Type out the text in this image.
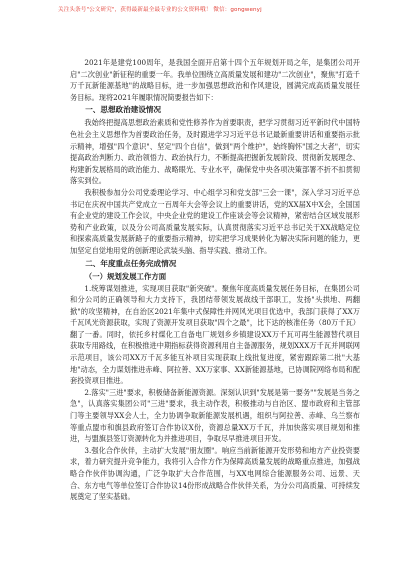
关注头条号"公文研究"，获得最新最全最专业的公文资料哦！ 微信：gongwenyj

2021年是建党100周年，是我国全面开启第十四个五年规划开局之年，是集团公司开启"二次创业"新征程的重要一年。我单位围绕立高质量发展和建功"二次创业"，聚焦"打造千万千瓦新能源基地"的战略目标，进一步加强思想政治和作风建设，圆满完成高质量发展任务目标。现将2021年履职情况简要报告如下：

一、思想政治建设情况

我始终把提高思想政治素质和党性修养作为首要职责，把学习贯彻习近平新时代中国特色社会主义思想作为首要政治任务，及时跟进学习习近平总书记最新重要讲话和重要指示批示精神，增强"四个意识"、坚定"四个自信"，做到"两个维护"，始终胸怀"国之大者"，切实提高政治判断力、政治领悟力、政治执行力，不断提高把握新发展阶段、贯彻新发展理念、构建新发展格局的政治能力、战略眼光、专业水平，确保党中央各项决策部署不折不扣贯彻落实到位。

我积极参加分公司党委理论学习、中心组学习和党支部"三会一课"，深入学习习近平总书记在庆祝中国共产党成立一百周年大会等会议上的重要讲话，党的XX届X中X会，全国国有企业党的建设工作会议，中央企业党的建设工作座谈会等会议精神，紧密结合区域发展形势和产业政策，以及分公司高质量发展实际，认真贯彻落实习近平总书记关于XX战略定位和探索高质量发展新路子的重要指示精神，切实把学习成果转化为解决实际问题的能力，更加坚定自觉地用党的创新理论武装头脑、指导实践、推动工作。

二、年度重点任务完成情况
（一）规划发展工作方面

1.统筹谋划推进，实现项目获取"新突破"。聚焦年度高质量发展任务目标，在集团公司和分公司的正确领导和大力支持下，我团结带领发展战线干部职工，发扬"头拱地、两翻掀"的攻坚精神，在自治区2021年集中式保障性并网风光项目优选中，我部门获得了XX万千瓦风光资源获取，实现了资源开发项目获取"四个之最"，比下达的核准任务（80万千瓦）翻了一番。同时，依托乡村煤化工自备电厂规划乡乡镇建设XX万千瓦可再生能源替代项目获取专用路线，在积极推进中期指标获得资源利用自主备源服务，规划XXX万千瓦并网联网示范项目，该公司XX万千瓦多能互补项目实现获取上线批复进度，紧密跟踪第二批"大基地"动态，全力谋划推进赤峰、阿拉善、XX万家事、XX新能源基地，已协调院网络布局和配套投资项目推进。

2.落实"三进"要求，积极储备新能源资源。深刻认识到"发展是第一要务""发展是当务之急"，认真落实集团公司"三进"要求，我主动作表，积极推动与自治区、盟市政府和主管部门等主要领导XX会人士，全力协调争取新能源发展机遇，组织与阿拉善、赤峰、乌兰察布等重点盟市和旗县政府签订合作协议X份，资源总量XX万千瓦，并加快落实项目规划和推进，与盟旗县签订资源转化为并推进项目，争取尽早推进项目开发。

3.强化合作伙伴，主动扩大发展"朋友圈"。响应当前新能源开发形势和地方产业投资要求，着力研究提升竞争能力，我将引入合作方作为保障高质量发展的战略重点推进，加强战略合作伙伴协调沟通，广泛争取扩大合作范围，与XX电网综合能源服务公司、远景、天合、东方电气等单位签订合作协议14份形成战略合作伙伴关系，为分公司高质量、可持续发展奠定了坚实基础。
